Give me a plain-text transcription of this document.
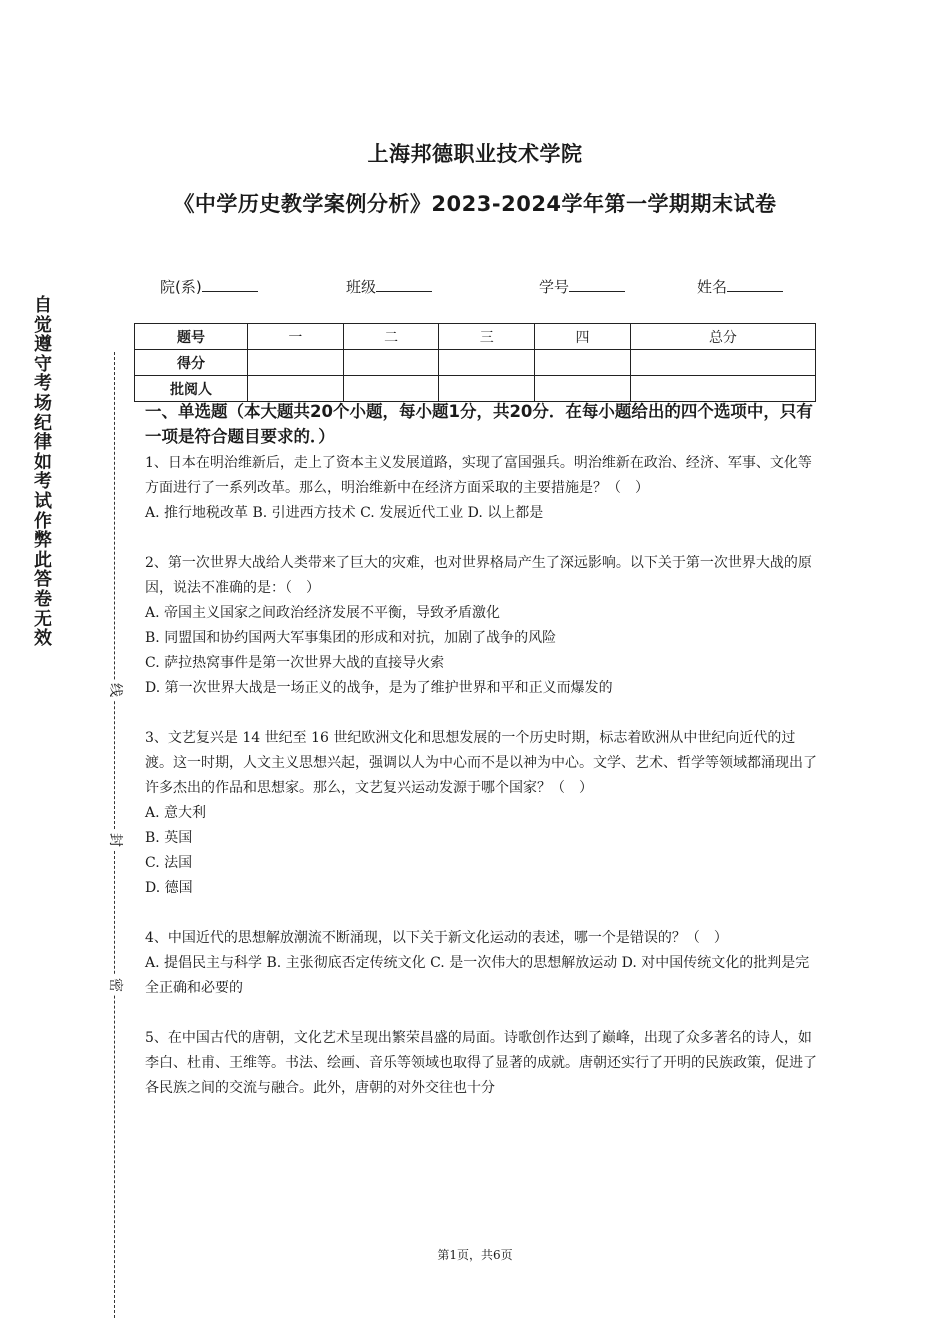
上海邦德职业技术学院
《中学历史教学案例分析》2023-2024学年第一学期期末试卷
院(系)	班级	学号	姓名
题号	一	二	三	四	总分
得分					
批阅人					
自觉遵守考场纪律如考试作弊此答卷无效
线
封
密
一、单选题（本大题共20个小题，每小题1分，共20分．在每小题给出的四个选项中，只有一项是符合题目要求的．）
1、日本在明治维新后，走上了资本主义发展道路，实现了富国强兵。明治维新在政治、经济、军事、文化等方面进行了一系列改革。那么，明治维新中在经济方面采取的主要措施是？（　）
A. 推行地税改革 B. 引进西方技术 C. 发展近代工业 D. 以上都是
2、第一次世界大战给人类带来了巨大的灾难，也对世界格局产生了深远影响。以下关于第一次世界大战的原因，说法不准确的是：（　）
A. 帝国主义国家之间政治经济发展不平衡，导致矛盾激化
B. 同盟国和协约国两大军事集团的形成和对抗，加剧了战争的风险
C. 萨拉热窝事件是第一次世界大战的直接导火索
D. 第一次世界大战是一场正义的战争，是为了维护世界和平和正义而爆发的
3、文艺复兴是 14 世纪至 16 世纪欧洲文化和思想发展的一个历史时期，标志着欧洲从中世纪向近代的过渡。这一时期，人文主义思想兴起，强调以人为中心而不是以神为中心。文学、艺术、哲学等领域都涌现出了许多杰出的作品和思想家。那么，文艺复兴运动发源于哪个国家？（　）
A. 意大利
B. 英国
C. 法国
D. 德国
4、中国近代的思想解放潮流不断涌现，以下关于新文化运动的表述，哪一个是错误的？（　）
A. 提倡民主与科学 B. 主张彻底否定传统文化 C. 是一次伟大的思想解放运动 D. 对中国传统文化的批判是完全正确和必要的
5、在中国古代的唐朝，文化艺术呈现出繁荣昌盛的局面。诗歌创作达到了巅峰，出现了众多著名的诗人，如李白、杜甫、王维等。书法、绘画、音乐等领域也取得了显著的成就。唐朝还实行了开明的民族政策，促进了各民族之间的交流与融合。此外，唐朝的对外交往也十分
第1页，共6页
